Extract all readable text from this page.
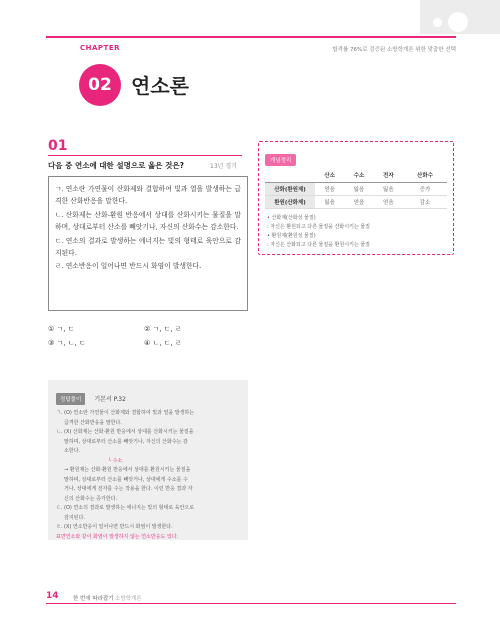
CHAPTER	합격률 76%로 검증된 소방학개론 위한 맞춤한 선택
02 연소론
01
다음 중 연소에 대한 설명으로 옳은 것은?	13년 경기

ㄱ. 연소란 가연물이 산화제와 결합하여 빛과 열을 발생하는 급격한 산화반응을 말한다.

ㄴ. 산화제는 산화-환원 반응에서 상대를 산화시키는 물질을 말하며, 상대로부터 산소를 빼앗기나, 자신의 산화수는 감소한다.

ㄷ. 연소의 결과로 발생하는 에너지는 빛의 형태로 육안으로 감지된다.

ㄹ. 연소반응이 일어나면 반드시 화염이 발생한다.

① ㄱ, ㄷ	② ㄱ, ㄷ, ㄹ
③ ㄱ, ㄴ, ㄷ	④ ㄴ, ㄷ, ㄹ
정답풀이 기본서 P.32
ㄱ. (O) 연소란 가연물이 산화제와 결합하여 빛과 열을 발생하는
급격한 산화반응을 말한다.
ㄴ. (X) 산화제는 산화·환원 반응에서 상대를 산화시키는 물질을
말하며, 상대로부터 산소를 빼앗기나, 자신의 산화수는 감
소한다.
└ 수소
→ 환원제는 산화·환원 반응에서 상대를 환원시키는 물질을
말하며, 상대로부터 산소를 빼앗거나, 상대에게 수소를 수
거나, 상대에게 전자를 수는 작용을 한다. 이런 반응 결과 자
신의 산화수는 증가한다.
ㄷ. (O) 연소의 결과로 발생하는 에너지는 빛의 형태로 육안으로
감지된다.
ㄹ. (X) 연소반응이 일어나면 반드시 화염이 발생한다.
표면연소와 같이 화염이 발생하지 않는 연소반응도 있다.
개념정리
	산소	수소	전자	산화수
산화(환원제)	얻음	잃음	잃음	증가
환원(산화제)	잃음	얻음	얻음	감소
• 산화제(산화성 물질)
: 자신은 환원되고 다른 물질을 산화시키는 물질
• 환원제(환원성 물질)
: 자신은 산화되고 다른 물질을 환원시키는 물질
14	한 번에 따라잡기 소방학개론
